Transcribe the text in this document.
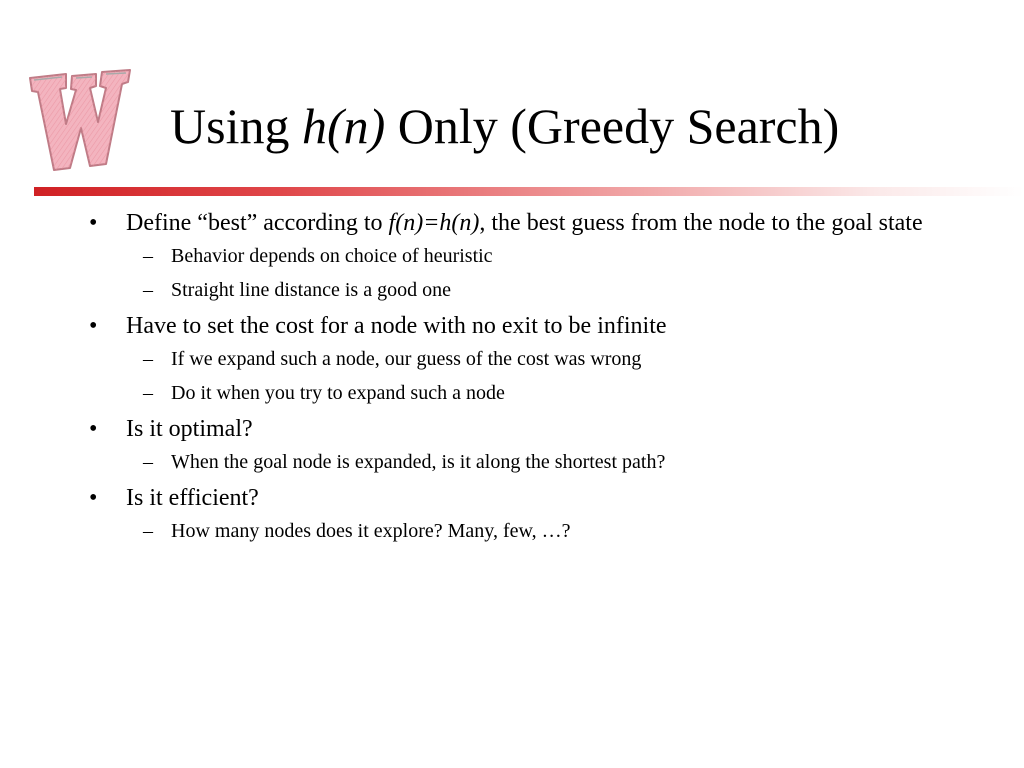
Using h(n) Only (Greedy Search)
• Define “best” according to f(n)=h(n), the best guess from the node to the goal state
– Behavior depends on choice of heuristic
– Straight line distance is a good one
• Have to set the cost for a node with no exit to be infinite
– If we expand such a node, our guess of the cost was wrong
– Do it when you try to expand such a node
• Is it optimal?
– When the goal node is expanded, is it along the shortest path?
• Is it efficient?
– How many nodes does it explore? Many, few, …?
